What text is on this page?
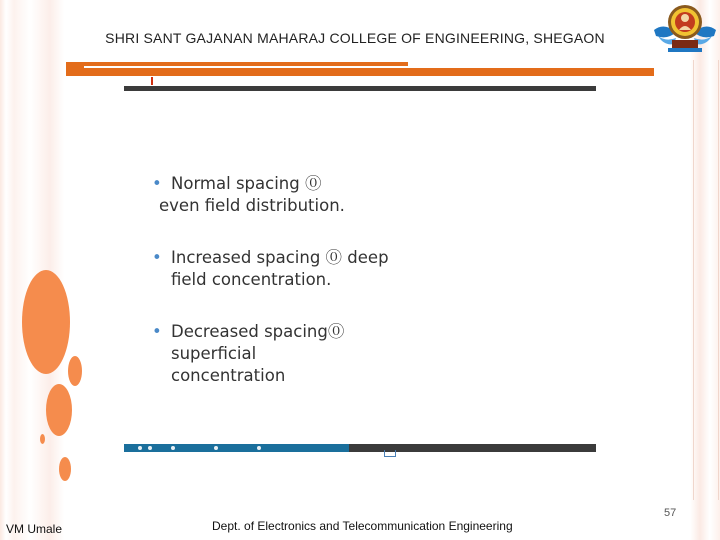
SHRI SANT GAJANAN MAHARAJ COLLEGE OF ENGINEERING, SHEGAON
• Normal spacing ⓪
even field distribution.
• Increased spacing ⓪ deep
field concentration.
• Decreased spacing⓪
superficial
concentration
57
VM Umale	Dept. of Electronics and Telecommunication Engineering
